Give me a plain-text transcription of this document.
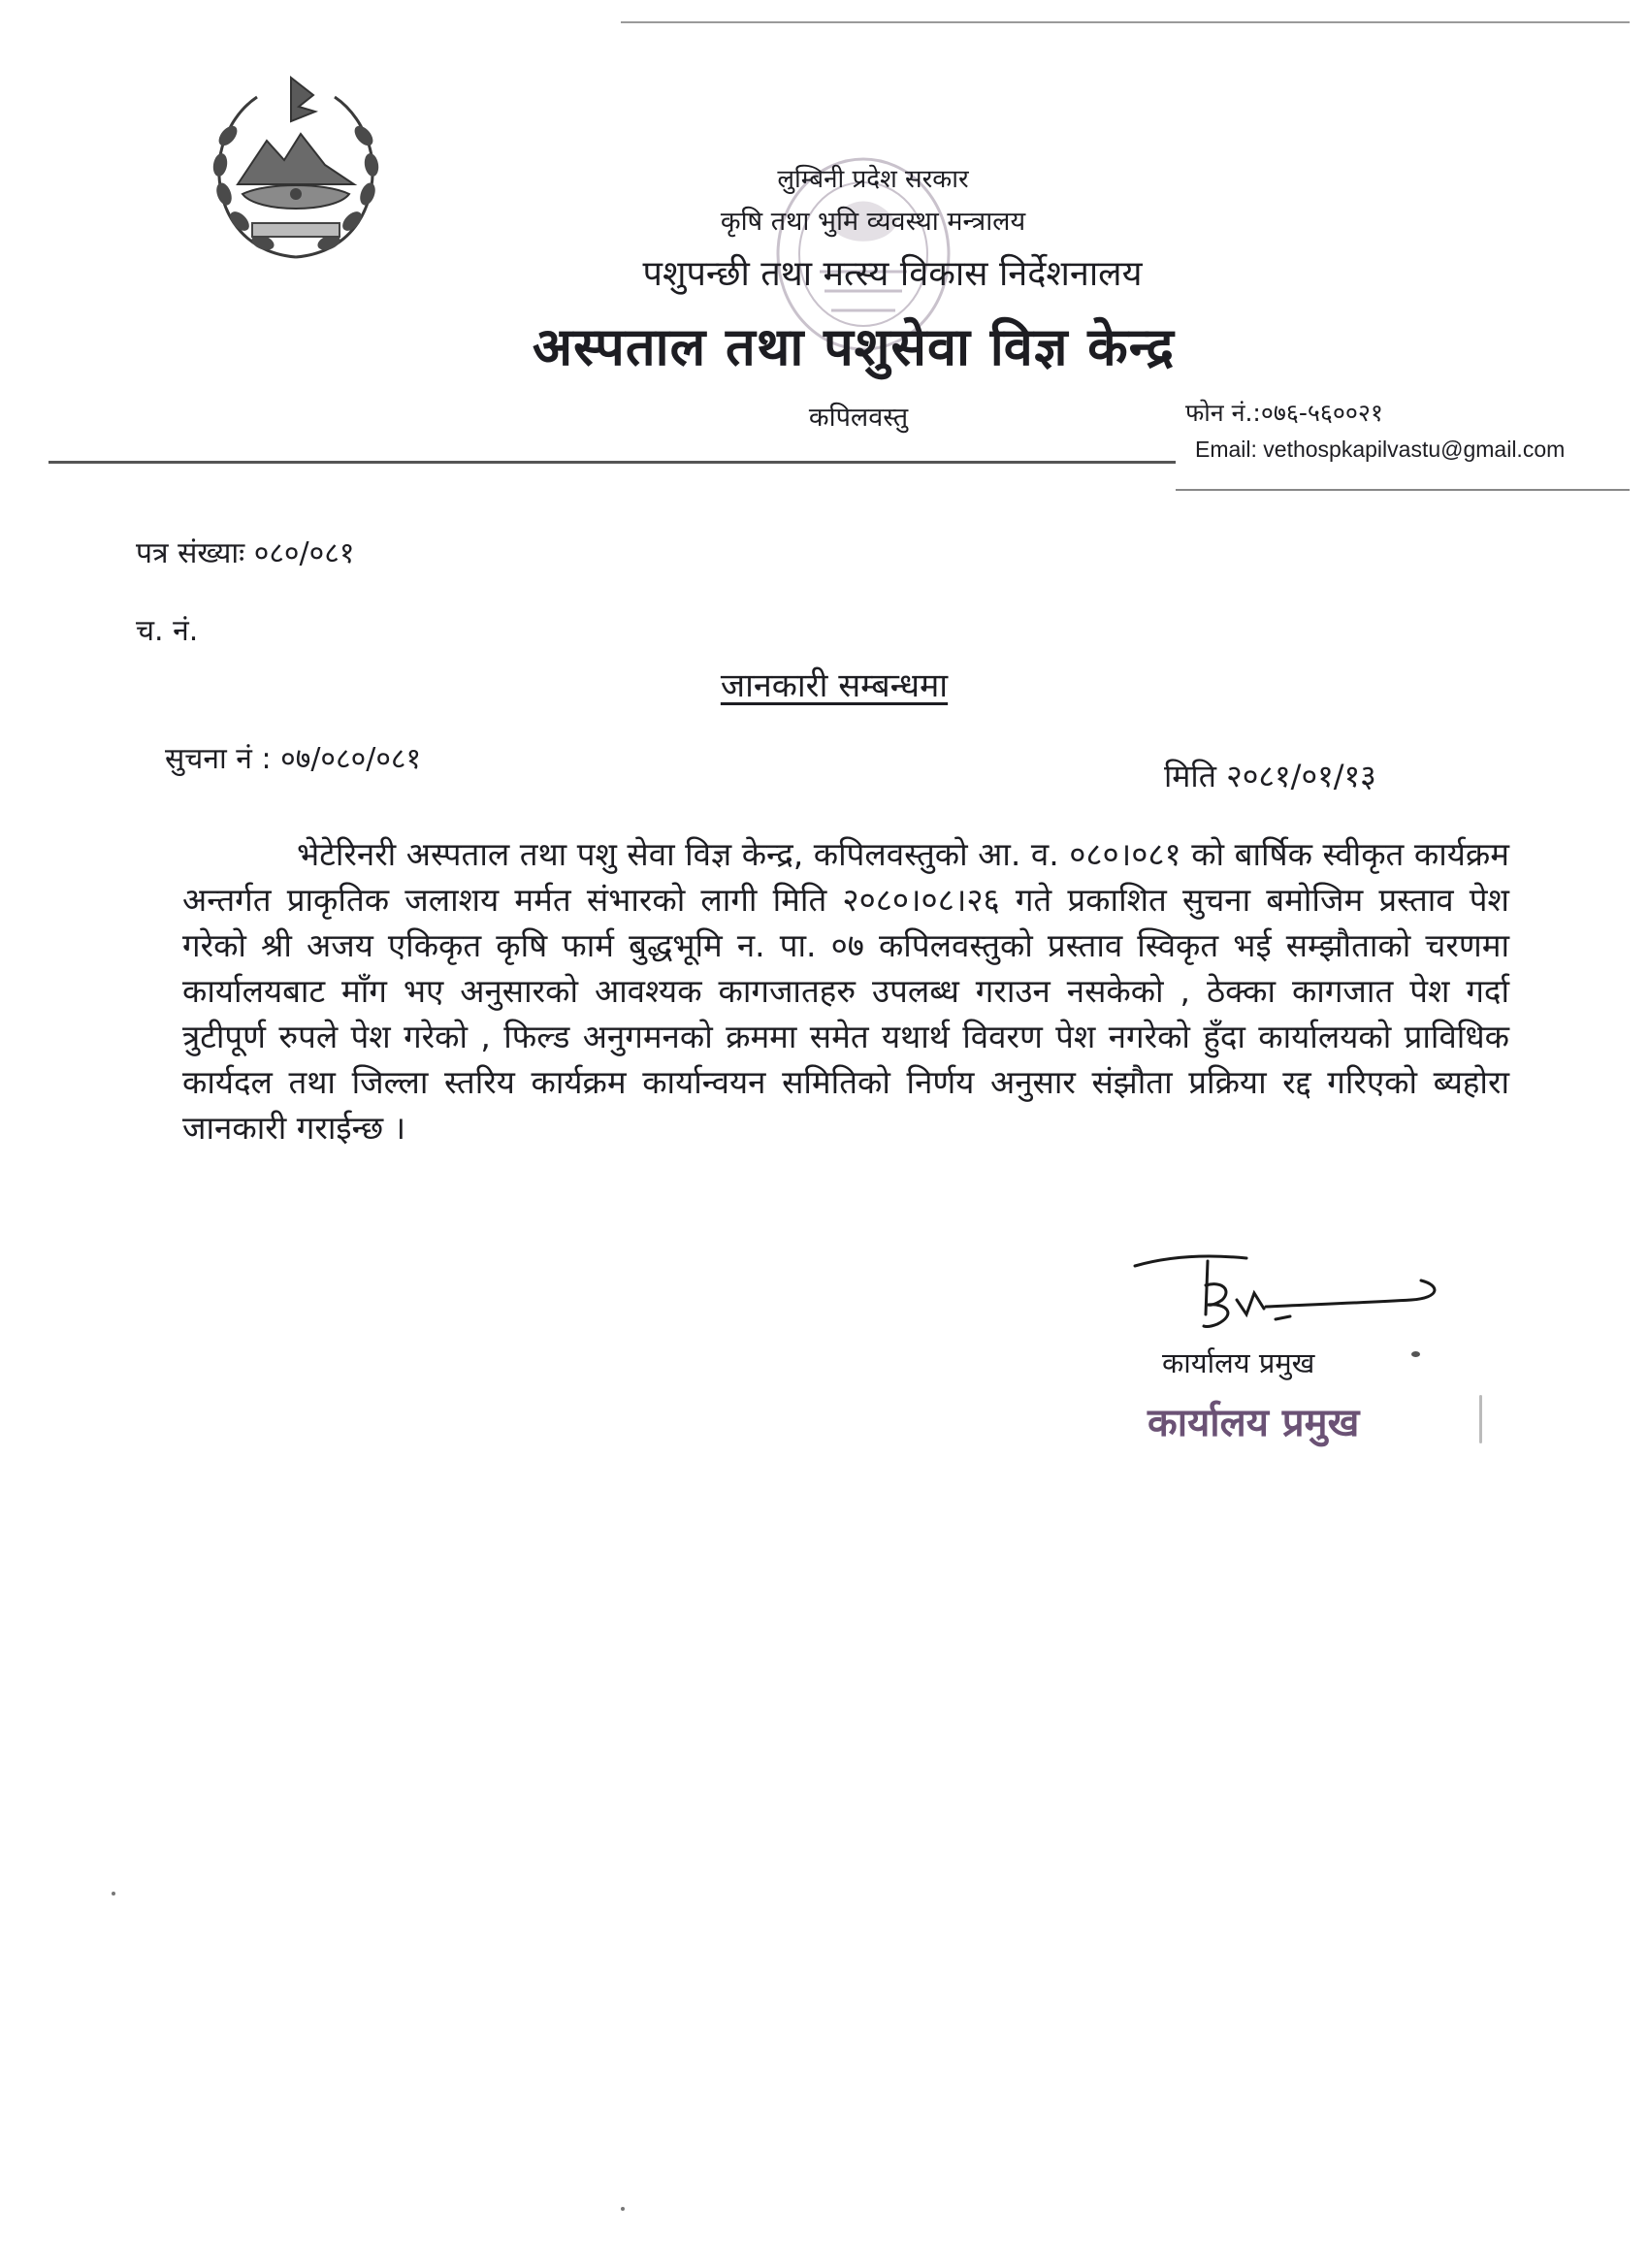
लुम्बिनी प्रदेश सरकार
कृषि तथा भुमि व्यवस्था मन्त्रालय
पशुपन्छी तथा मत्स्य विकास निर्देशनालय
अस्पताल तथा पशुसेवा विज्ञ केन्द्र
कपिलवस्तु	फोन नं.:०७६-५६००२१
Email: vethospkapilvastu@gmail.com
पत्र संख्याः ०८०/०८१
च. नं.
जानकारी सम्बन्धमा
सुचना नं : ०७/०८०/०८१	मिति २०८१/०१/१३
भेटेरिनरी अस्पताल तथा पशु सेवा विज्ञ केन्द्र, कपिलवस्तुको आ. व. ०८०।०८१ को बार्षिक स्वीकृत कार्यक्रम अन्तर्गत प्राकृतिक जलाशय मर्मत संभारको लागी मिति २०८०।०८।२६ गते प्रकाशित सुचना बमोजिम प्रस्ताव पेश गरेको श्री अजय एकिकृत कृषि फार्म बुद्धभूमि न. पा. ०७ कपिलवस्तुको प्रस्ताव स्विकृत भई सम्झौताको चरणमा कार्यालयबाट माँग भए अनुसारको आवश्यक कागजातहरु उपलब्ध गराउन नसकेको , ठेक्का कागजात पेश गर्दा त्रुटीपूर्ण रुपले पेश गरेको , फिल्ड अनुगमनको क्रममा समेत यथार्थ विवरण पेश नगरेको हुँदा कार्यालयको प्राविधिक कार्यदल तथा जिल्ला स्तरिय कार्यक्रम कार्यान्वयन समितिको निर्णय अनुसार संझौता प्रक्रिया रद्द गरिएको ब्यहोरा जानकारी गराईन्छ ।
कार्यालय प्रमुख
कार्यालय प्रमुख
